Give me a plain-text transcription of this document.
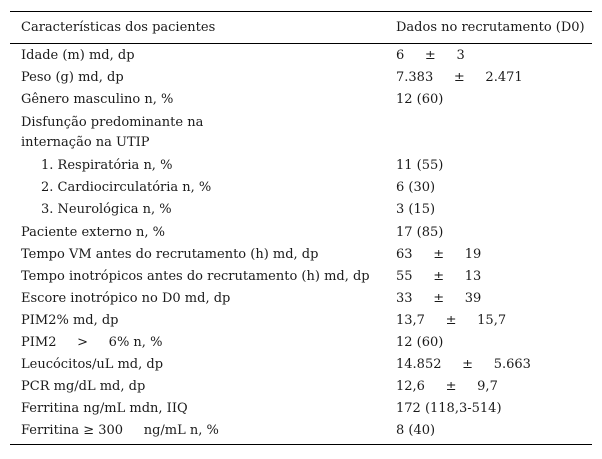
Características dos pacientes	Dados no recrutamento (D0)
Idade (m) md, dp	6     ±     3
Peso (g) md, dp	7.383     ±     2.471
Gênero masculino n, %	12 (60)
Disfunção predominante na
internação na UTIP
1. Respiratória n, %	11 (55)
2. Cardiocirculatória n, %	6 (30)
3. Neurológica n, %	3 (15)
Paciente externo n, %	17 (85)
Tempo VM antes do recrutamento (h) md, dp	63     ±     19
Tempo inotrópicos antes do recrutamento (h) md, dp 55     ±     13
Escore inotrópico no D0 md, dp	33     ±     39
PIM2% md, dp	13,7     ±     15,7
PIM2     >     6% n, %	12 (60)
Leucócitos/uL md, dp	14.852     ±     5.663
PCR mg/dL md, dp	12,6     ±     9,7
Ferritina ng/mL mdn, IIQ	172 (118,3-514)
Ferritina ≥ 300     ng/mL n, %	8 (40)
